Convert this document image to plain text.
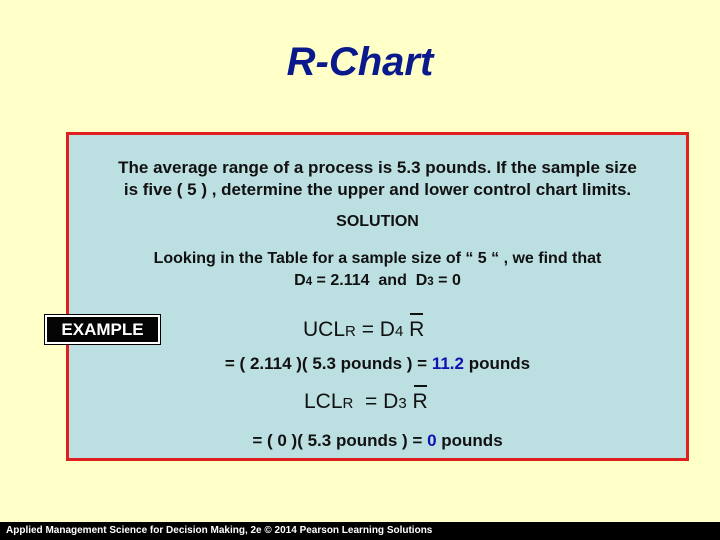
R-Chart
The average range of a process is 5.3 pounds. If the sample size
is five ( 5 ) , determine the upper and lower control chart limits.
SOLUTION
Looking in the Table for a sample size of “ 5 “ , we find that
D4 = 2.114  and  D3 = 0
UCLR = D4 R
= ( 2.114 )( 5.3 pounds ) = 11.2 pounds
LCLR  = D3 R
= ( 0 )( 5.3 pounds ) = 0 pounds
EXAMPLE
Applied Management Science for Decision Making, 2e © 2014 Pearson Learning Solutions
